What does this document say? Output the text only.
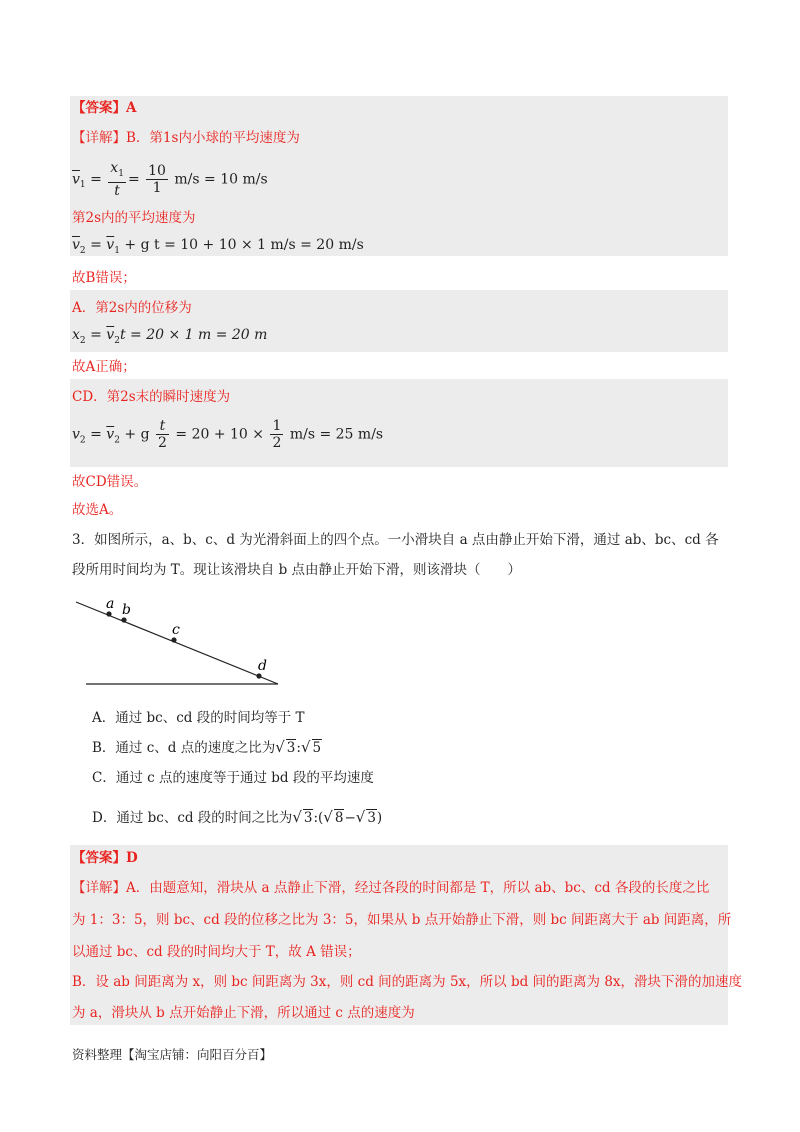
【答案】A
【详解】B．第1s内小球的平均速度为
$\overline{v}_1 = \frac{x_1}{t} = \frac{10}{1} m/s = 10$ m/s
第2s内的平均速度为
$\overline{v}_2 = \overline{v}_1 + g$ t = 10 + 10 × 1 m/s = 20 m/s
故B错误；
A．第2s内的位移为
$x_2 = \overline{v}_2t = 20 \times 1$ m = 20 m
故A正确；
CD．第2s末的瞬时速度为
$v_2 = \overline{v}_2 + g \frac{t}{2} = 20 + 10 \times \frac{1}{2} m/s = 25$ m/s
故CD错误。
故选A。
3．如图所示，a、b、c、d 为光滑斜面上的四个点。一小滑块自 a 点由静止开始下滑，通过 ab、bc、cd 各
段所用时间均为 T。现让该滑块自 b 点由静止开始下滑，则该滑块（　　）
a b
c
d
A．通过 bc、cd 段的时间均等于 T
B．通过 c、d 点的速度之比为√ 3:√ 5
C．通过 c 点的速度等于通过 bd 段的平均速度
D．通过 bc、cd 段的时间之比为√ 3:(√ 8−√ 3)
【答案】D
【详解】A．由题意知，滑块从 a 点静止下滑，经过各段的时间都是 T，所以 ab、bc、cd 各段的长度之比
为 1：3：5，则 bc、cd 段的位移之比为 3：5，如果从 b 点开始静止下滑，则 bc 间距离大于 ab 间距离，所
以通过 bc、cd 段的时间均大于 T，故 A 错误；
B．设 ab 间距离为 x，则 bc 间距离为 3x，则 cd 间的距离为 5x，所以 bd 间的距离为 8x，滑块下滑的加速度
为 a，滑块从 b 点开始静止下滑，所以通过 c 点的速度为
资料整理【淘宝店铺：向阳百分百】
